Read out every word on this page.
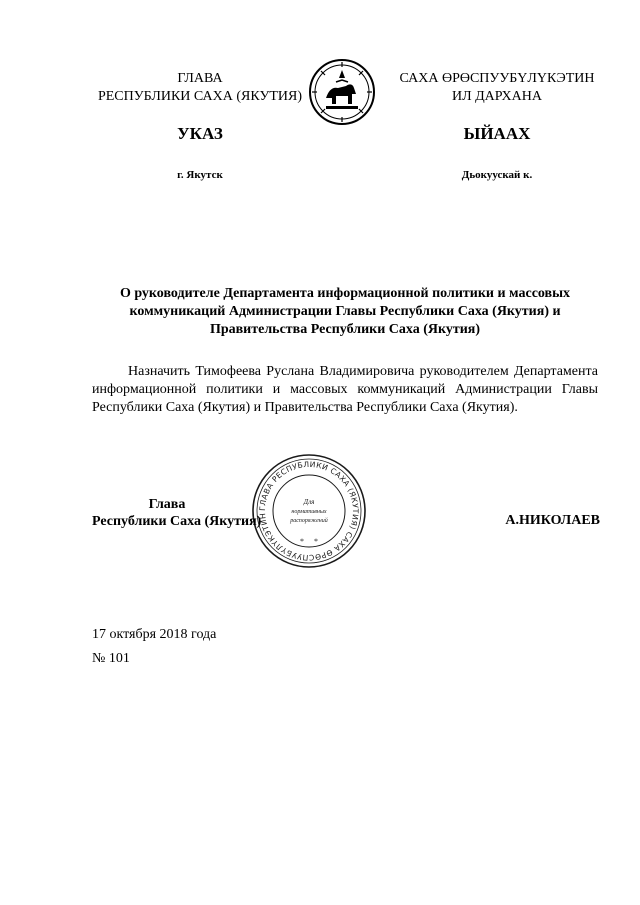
ГЛАВА
РЕСПУБЛИКИ САХА (ЯКУТИЯ)
САХА ӨРӨСПУУБҮЛҮКЭТИН
ИЛ ДАРХАНА
УКАЗ	ЫЙААХ
г. Якутск	Дьокуускай к.
О руководителе Департамента информационной политики и массовых коммуникаций Администрации Главы Республики Саха (Якутия) и Правительства Республики Саха (Якутия)
Назначить Тимофеева Руслана Владимировича руководителем Департамента информационной политики и массовых коммуникаций Администрации Главы Республики Саха (Якутия) и Правительства Республики Саха (Якутия).
ГЛАВА РЕСПУБЛИКИ САХА (ЯКУТИЯ) САХА ӨРӨСПУУБҮЛҮКЭТИН
Для
нормативных
распоряжений
* *
Глава
Республики Саха (Якутия)	А.НИКОЛАЕВ
17 октября 2018 года
№ 101
